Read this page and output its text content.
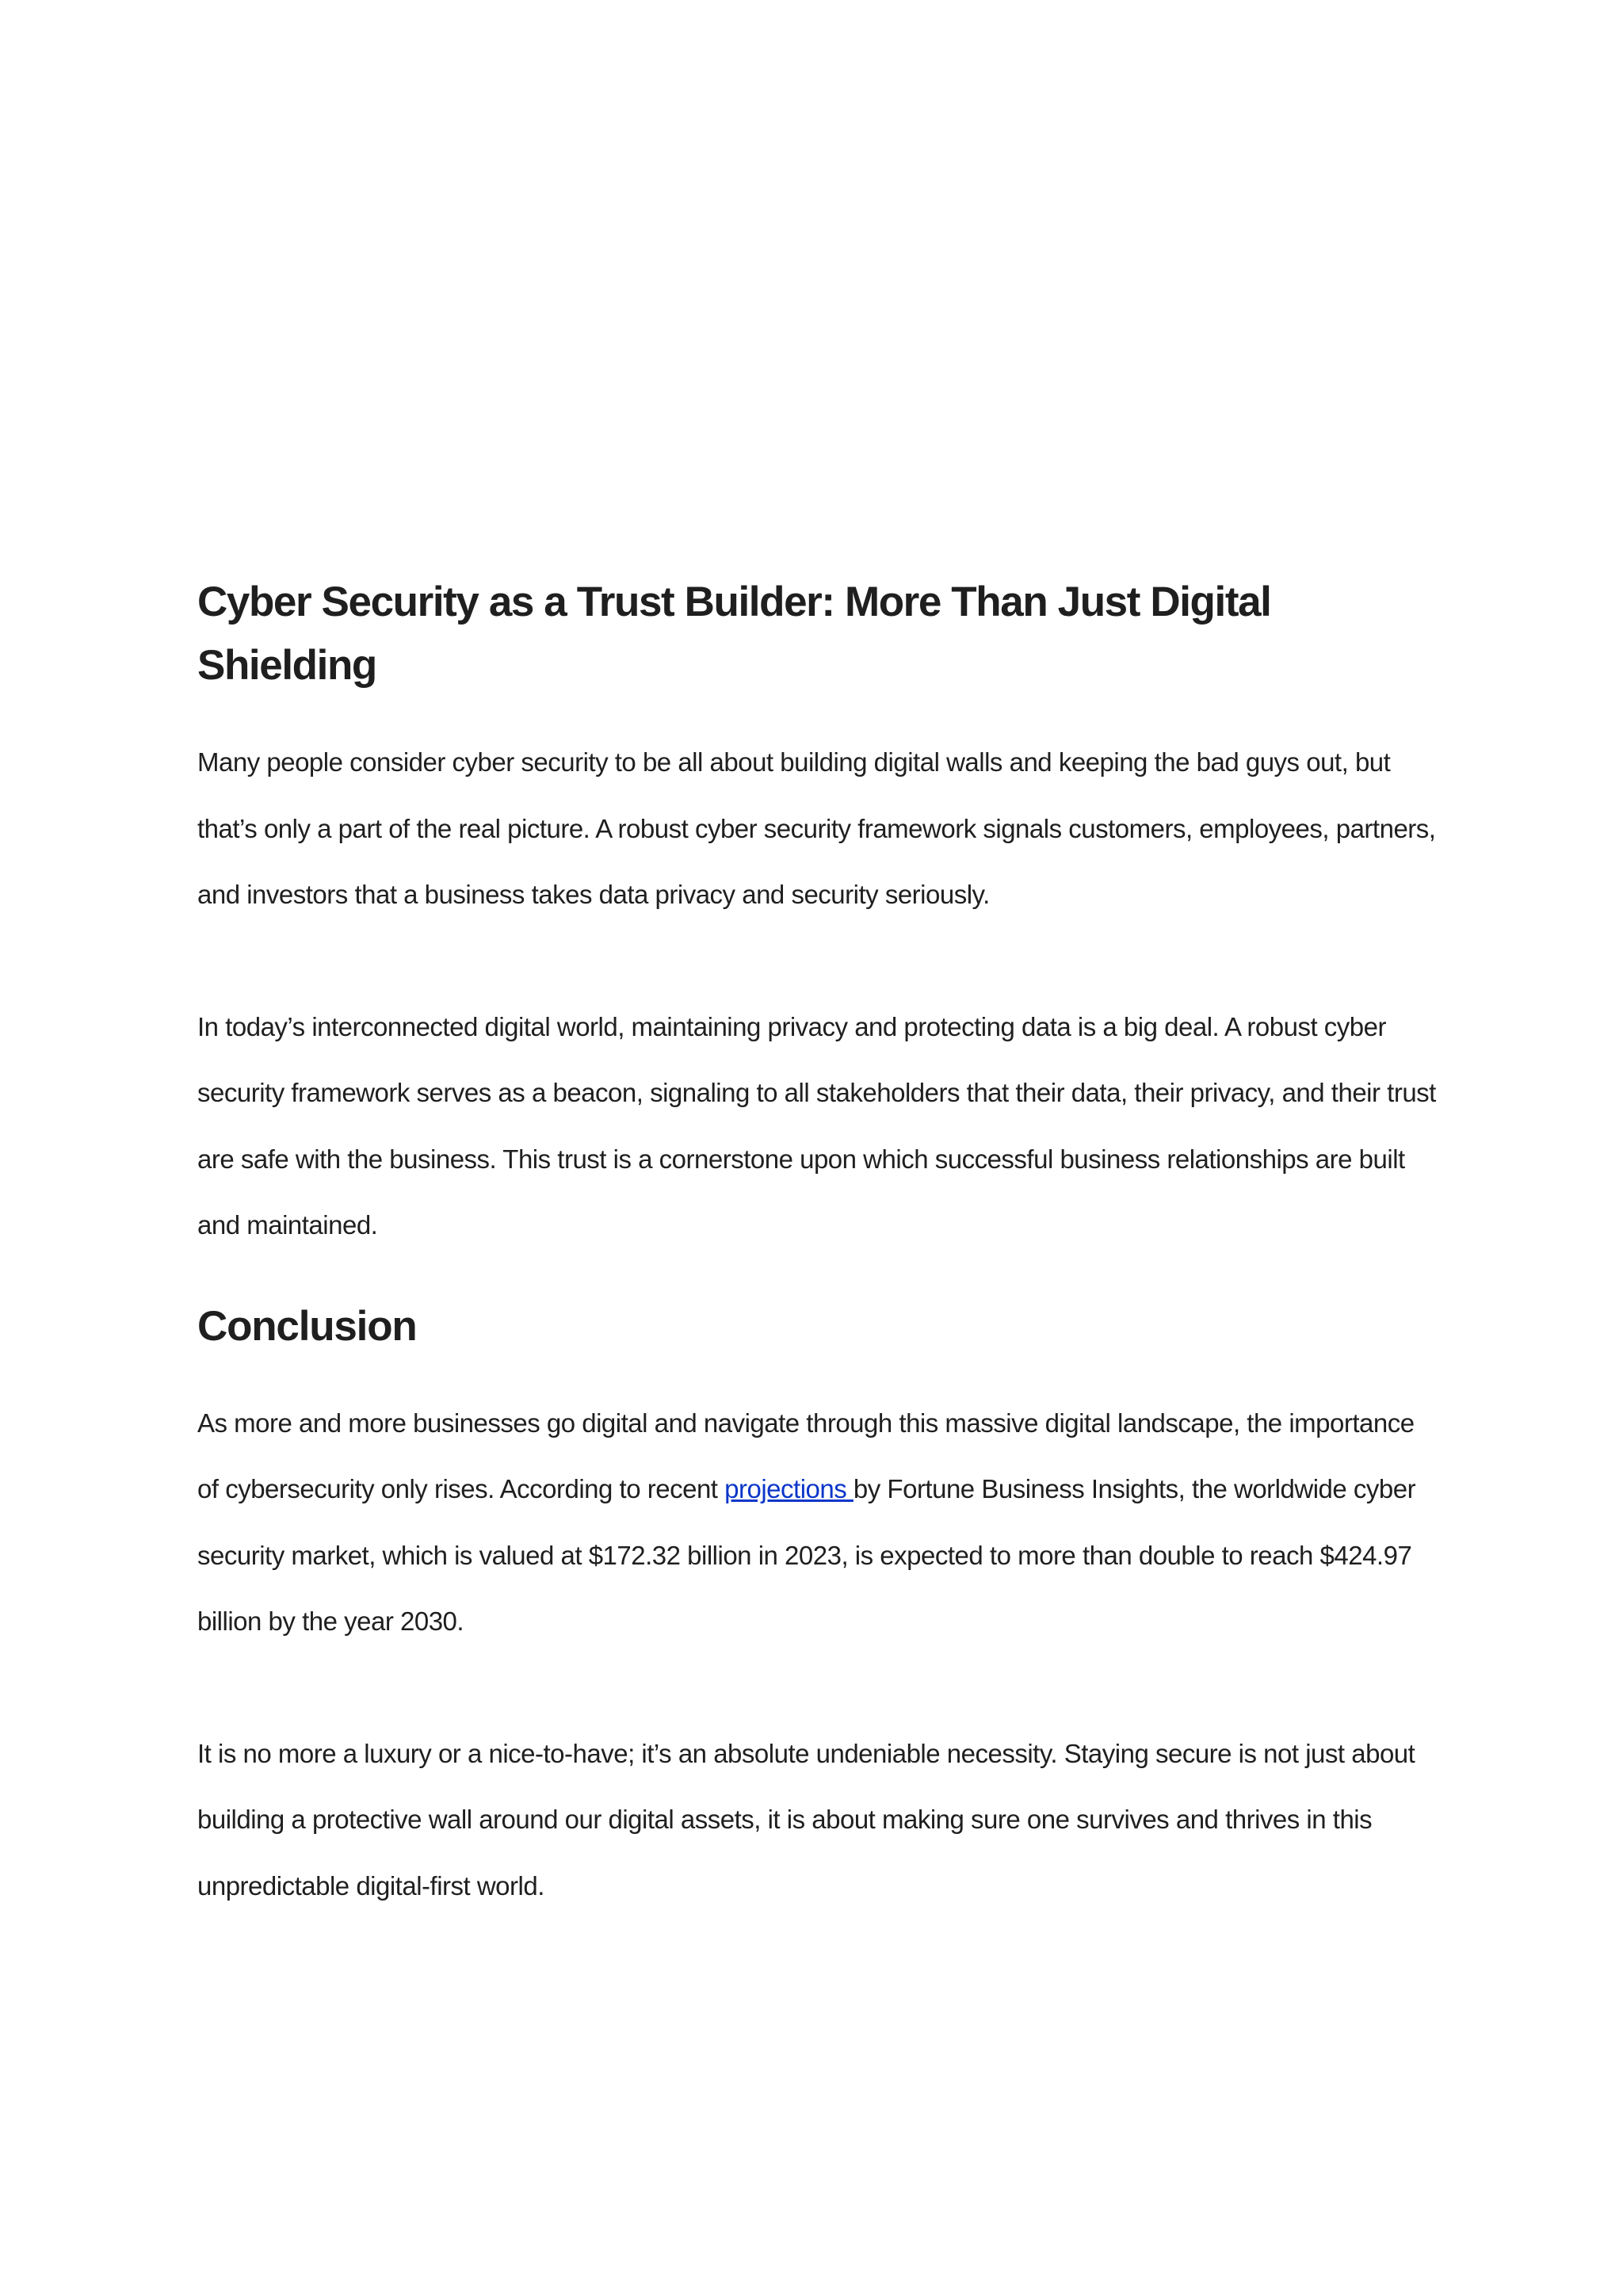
Cyber Security as a Trust Builder: More Than Just Digital Shielding

Many people consider cyber security to be all about building digital walls and keeping the bad guys out, but that’s only a part of the real picture. A robust cyber security framework signals customers, employees, partners, and investors that a business takes data privacy and security seriously.

In today’s interconnected digital world, maintaining privacy and protecting data is a big deal. A robust cyber security framework serves as a beacon, signaling to all stakeholders that their data, their privacy, and their trust are safe with the business. This trust is a cornerstone upon which successful business relationships are built and maintained.

Conclusion

As more and more businesses go digital and navigate through this massive digital landscape, the importance of cybersecurity only rises. According to recent projections by Fortune Business Insights, the worldwide cyber security market, which is valued at $172.32 billion in 2023, is expected to more than double to reach $424.97 billion by the year 2030.

It is no more a luxury or a nice-to-have; it’s an absolute undeniable necessity. Staying secure is not just about building a protective wall around our digital assets, it is about making sure one survives and thrives in this unpredictable digital-first world.
